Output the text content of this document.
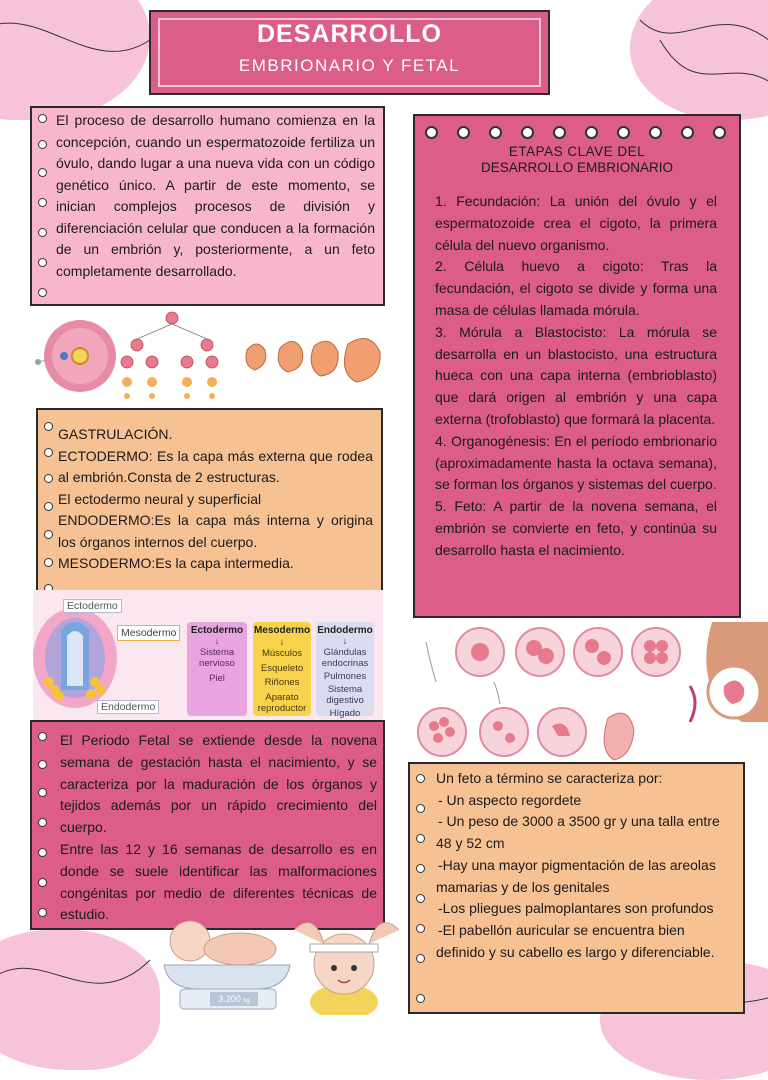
DESARROLLO
EMBRIONARIO Y FETAL
El proceso de desarrollo humano comienza en la concepción, cuando un espermatozoide fertiliza un óvulo, dando lugar a una nueva vida con un código genético único. A partir de este momento, se inician complejos procesos de división y diferenciación celular que conducen a la formación de un embrión y, posteriormente, a un feto completamente desarrollado.
ETAPAS CLAVE DEL
DESARROLLO EMBRIONARIO

1. Fecundación: La unión del óvulo y el espermatozoide crea el cigoto, la primera célula del nuevo organismo.

2. Célula huevo a cigoto: Tras la fecundación, el cigoto se divide y forma una masa de células llamada mórula.

3. Mórula a Blastocisto: La mórula se desarrolla en un blastocisto, una estructura hueca con una capa interna (embrioblasto) que dará origen al embrión y una capa externa (trofoblasto) que formará la placenta.

4. Organogénesis: En el período embrionario (aproximadamente hasta la octava semana), se forman los órganos y sistemas del cuerpo.

5. Feto: A partir de la novena semana, el embrión se convierte en feto, y continúa su desarrollo hasta el nacimiento.

GASTRULACIÓN.

ECTODERMO: Es la capa más externa que rodea al embrión.Consta de 2 estructuras.

El ectodermo neural y superficial

ENDODERMO:Es la capa más interna y origina los órganos internos del cuerpo.

MESODERMO:Es la capa intermedia.

Ectodermo
Mesodermo
Endodermo
Ectodermo
↓
Sistema
nervioso
Piel
Mesodermo
↓
Músculos
Esqueleto
Riñones
Aparato
reproductor
Endodermo
↓
Glándulas
endocrinas
Pulmones
Sistema
digestivo
Hígado

El Periodo Fetal se extiende desde la novena semana de gestación hasta el nacimiento, y se caracteriza por la maduración de los órganos y tejidos además por un rápido crecimiento del cuerpo.

Entre las 12 y 16 semanas de desarrollo es en donde se suele identificar las malformaciones congénitas por medio de diferentes técnicas de estudio.

3.200 kg

Un feto a término se caracteriza por:

- Un aspecto regordete

- Un peso de 3000 a 3500 gr y una talla entre 48 y 52 cm

-Hay una mayor pigmentación de las areolas mamarias y de los genitales

-Los pliegues palmoplantares son profundos

-El pabellón auricular se encuentra bien definido y su cabello es largo y diferenciable.
